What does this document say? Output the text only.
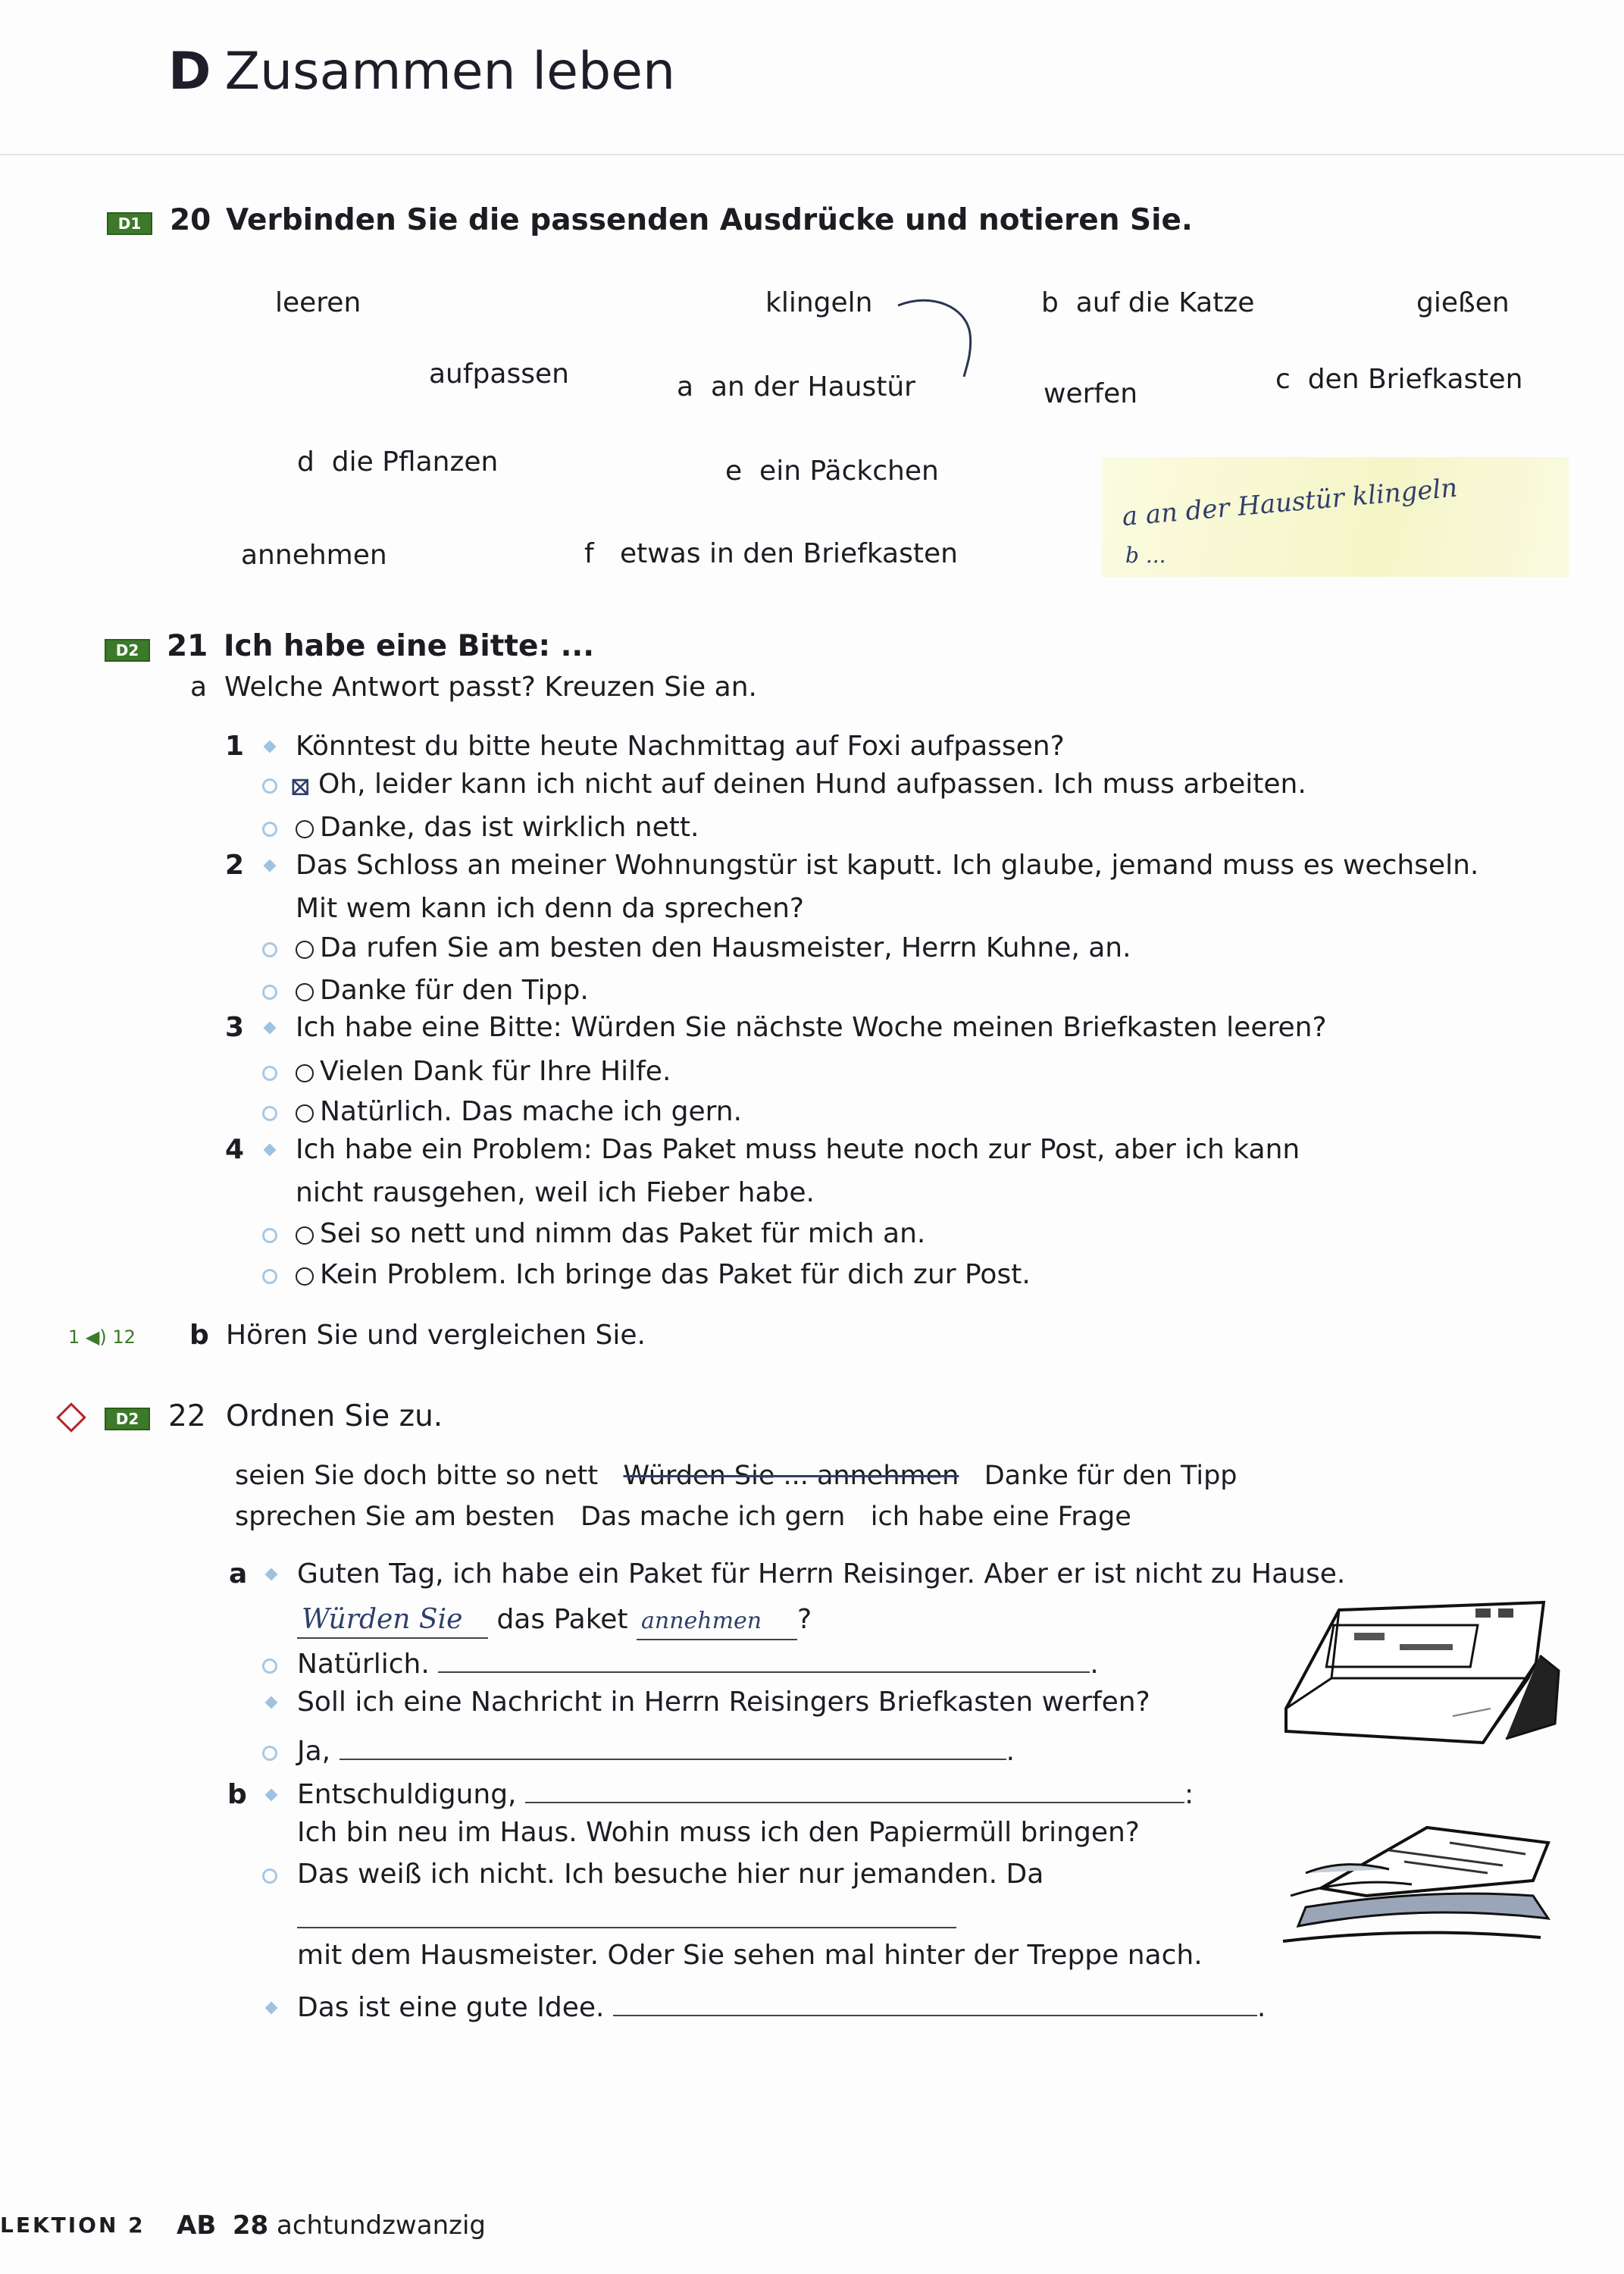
D Zusammen leben
D1 20 Verbinden Sie die passenden Ausdrücke und notieren Sie.
leeren	klingeln	gießen
aufpassen
werfen
annehmen
a an der Haustür
b auf die Katze
c den Briefkasten
d die Pflanzen	e ein Päckchen
f etwas in den Briefkasten
a an der Haustür klingeln
b ...
D2 21 Ich habe eine Bitte: ...
a Welche Antwort passt? Kreuzen Sie an.
1 Könntest du bitte heute Nachmittag auf Foxi aufpassen?
⊠ Oh, leider kann ich nicht auf deinen Hund aufpassen. Ich muss arbeiten.
Danke, das ist wirklich nett.
2 Das Schloss an meiner Wohnungstür ist kaputt. Ich glaube, jemand muss es wechseln.
Mit wem kann ich denn da sprechen?
Da rufen Sie am besten den Hausmeister, Herrn Kuhne, an.
Danke für den Tipp.
3 Ich habe eine Bitte: Würden Sie nächste Woche meinen Briefkasten leeren?
Vielen Dank für Ihre Hilfe.
Natürlich. Das mache ich gern.
4 Ich habe ein Problem: Das Paket muss heute noch zur Post, aber ich kann
nicht rausgehen, weil ich Fieber habe.
Sei so nett und nimm das Paket für mich an.
Kein Problem. Ich bringe das Paket für dich zur Post.
1 ◀︎) 12 b Hören Sie und vergleichen Sie.
D2 22 Ordnen Sie zu.
seien Sie doch bitte so nett Würden Sie ... annehmen Danke für den Tipp
sprechen Sie am besten Das mache ich gern ich habe eine Frage
a Guten Tag, ich habe ein Paket für Herrn Reisinger. Aber er ist nicht zu Hause.
Würden Sie das Paket annehmen ?
Natürlich.	.
Soll ich eine Nachricht in Herrn Reisingers Briefkasten werfen?
Ja,	.
b Entschuldigung,	:
Ich bin neu im Haus. Wohin muss ich den Papiermüll bringen?
Das weiß ich nicht. Ich besuche hier nur jemanden. Da
mit dem Hausmeister. Oder Sie sehen mal hinter der Treppe nach.
Das ist eine gute Idee.	.
LEKTION 2 AB 28 achtundzwanzig
